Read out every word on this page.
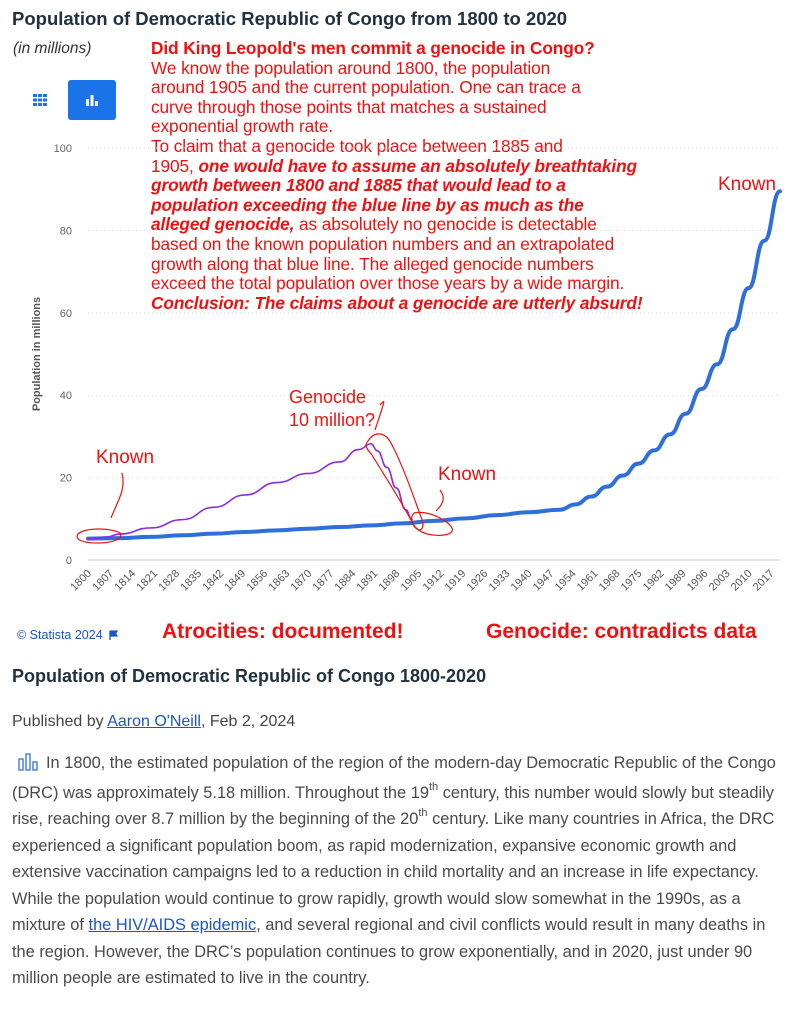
Population of Democratic Republic of Congo from 1800 to 2020
(in millions)	Did King Leopold's men commit a genocide in Congo?
We know the population around 1800, the population
around 1905 and the current population. One can trace a
curve through those points that matches a sustained
exponential growth rate.
To claim that a genocide took place between 1885 and
1905, one would have to assume an absolutely breathtaking
growth between 1800 and 1885 that would lead to a
population exceeding the blue line by as much as the
alleged genocide, as absolutely no genocide is detectable
based on the known population numbers and an extrapolated
growth along that blue line. The alleged genocide numbers
exceed the total population over those years by a wide margin.
Conclusion: The claims about a genocide are utterly absurd!
0
20
40
60
80
100
1800
1807
1814
1821
1828
1835
1842
1849
1856
1863
1870
1877
1884
1891
1898
1905
1912
1919
1926
1933
1940
1947
1954
1961
1968
1975
1982
1989
1996
2003
2010
2017
Population in millions
Known
Known
Known
Genocide
10 million?
© Statista 2024	Atrocities: documented!	Genocide: contradicts data
Population of Democratic Republic of Congo 1800-2020
Published by Aaron O'Neill, Feb 2, 2024
In 1800, the estimated population of the region of the modern-day Democratic Republic of the Congo (DRC) was approximately 5.18 million. Throughout the 19th century, this number would slowly but steadily rise, reaching over 8.7 million by the beginning of the 20th century. Like many countries in Africa, the DRC experienced a significant population boom, as rapid modernization, expansive economic growth and extensive vaccination campaigns led to a reduction in child mortality and an increase in life expectancy. While the population would continue to grow rapidly, growth would slow somewhat in the 1990s, as a mixture of the HIV/AIDS epidemic, and several regional and civil conflicts would result in many deaths in the region. However, the DRC’s population continues to grow exponentially, and in 2020, just under 90 million people are estimated to live in the country.
